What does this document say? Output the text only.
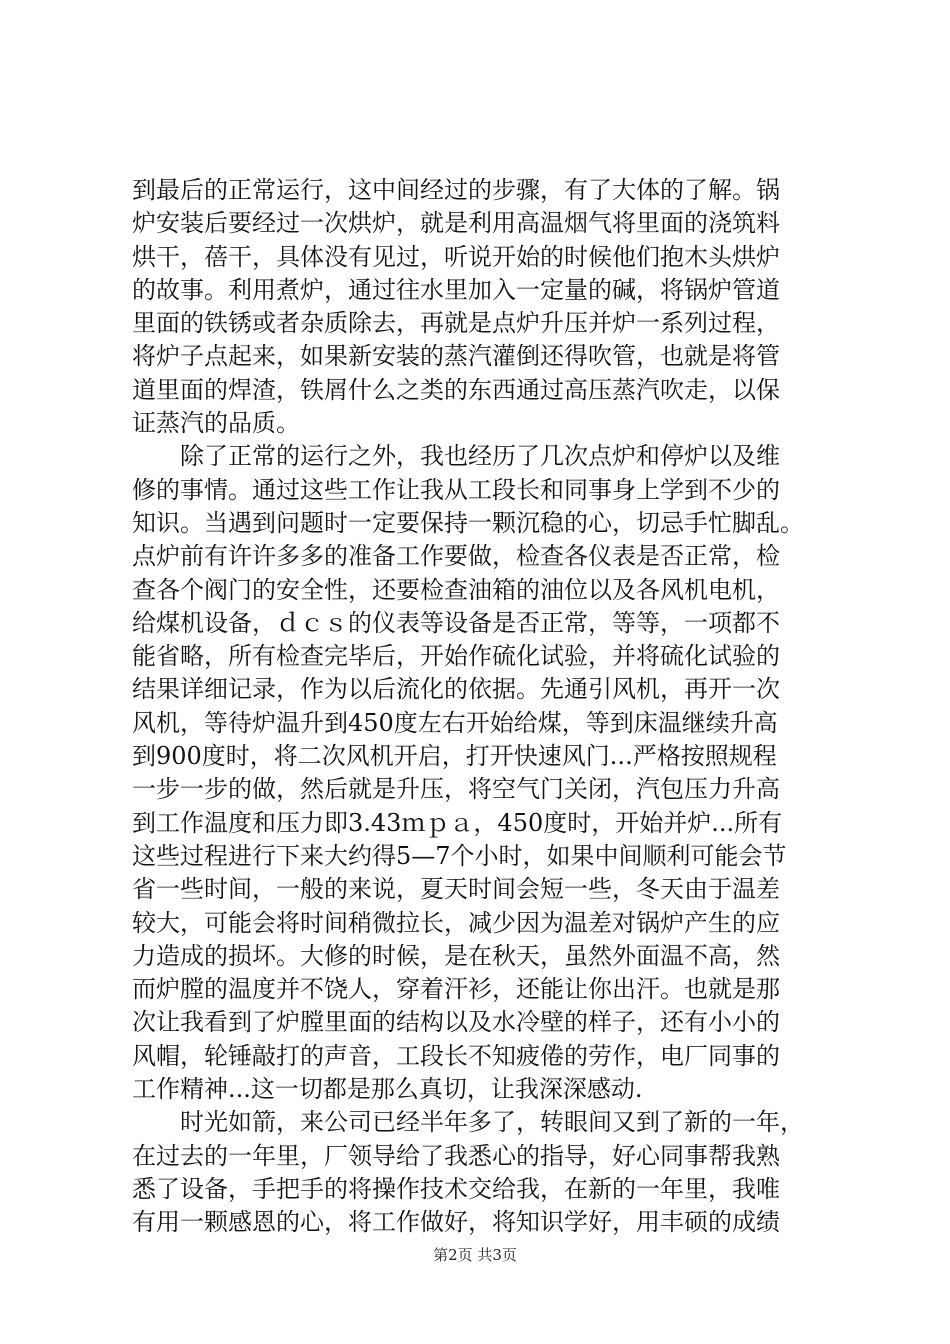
到最后的正常运行，这中间经过的步骤，有了大体的了解。锅
炉安装后要经过一次烘炉，就是利用高温烟气将里面的浇筑料
烘干，蓓干，具体没有见过，听说开始的时候他们抱木头烘炉
的故事。利用煮炉，通过往水里加入一定量的碱，将锅炉管道
里面的铁锈或者杂质除去，再就是点炉升压并炉一系列过程，
将炉子点起来，如果新安装的蒸汽灌倒还得吹管，也就是将管
道里面的焊渣，铁屑什么之类的东西通过高压蒸汽吹走，以保
证蒸汽的品质。
　　除了正常的运行之外，我也经历了几次点炉和停炉以及维
修的事情。通过这些工作让我从工段长和同事身上学到不少的
知识。当遇到问题时一定要保持一颗沉稳的心，切忌手忙脚乱。
点炉前有许许多多的准备工作要做，检查各仪表是否正常，检
查各个阀门的安全性，还要检查油箱的油位以及各风机电机，
给煤机设备，ｄｃｓ的仪表等设备是否正常，等等，一项都不
能省略，所有检查完毕后，开始作硫化试验，并将硫化试验的
结果详细记录，作为以后流化的依据。先通引风机，再开一次
风机，等待炉温升到450度左右开始给煤，等到床温继续升高
到900度时，将二次风机开启，打开快速风门...严格按照规程
一步一步的做，然后就是升压，将空气门关闭，汽包压力升高
到工作温度和压力即3.43ｍｐａ，450度时，开始并炉...所有
这些过程进行下来大约得5—7个小时，如果中间顺利可能会节
省一些时间，一般的来说，夏天时间会短一些，冬天由于温差
较大，可能会将时间稍微拉长，减少因为温差对锅炉产生的应
力造成的损坏。大修的时候，是在秋天，虽然外面温不高，然
而炉膛的温度并不饶人，穿着汗衫，还能让你出汗。也就是那
次让我看到了炉膛里面的结构以及水冷壁的样子，还有小小的
风帽，轮锤敲打的声音，工段长不知疲倦的劳作，电厂同事的
工作精神...这一切都是那么真切，让我深深感动.
　　时光如箭，来公司已经半年多了，转眼间又到了新的一年，
在过去的一年里，厂领导给了我悉心的指导，好心同事帮我熟
悉了设备，手把手的将操作技术交给我，在新的一年里，我唯
有用一颗感恩的心，将工作做好，将知识学好，用丰硕的成绩
第2页 共3页
